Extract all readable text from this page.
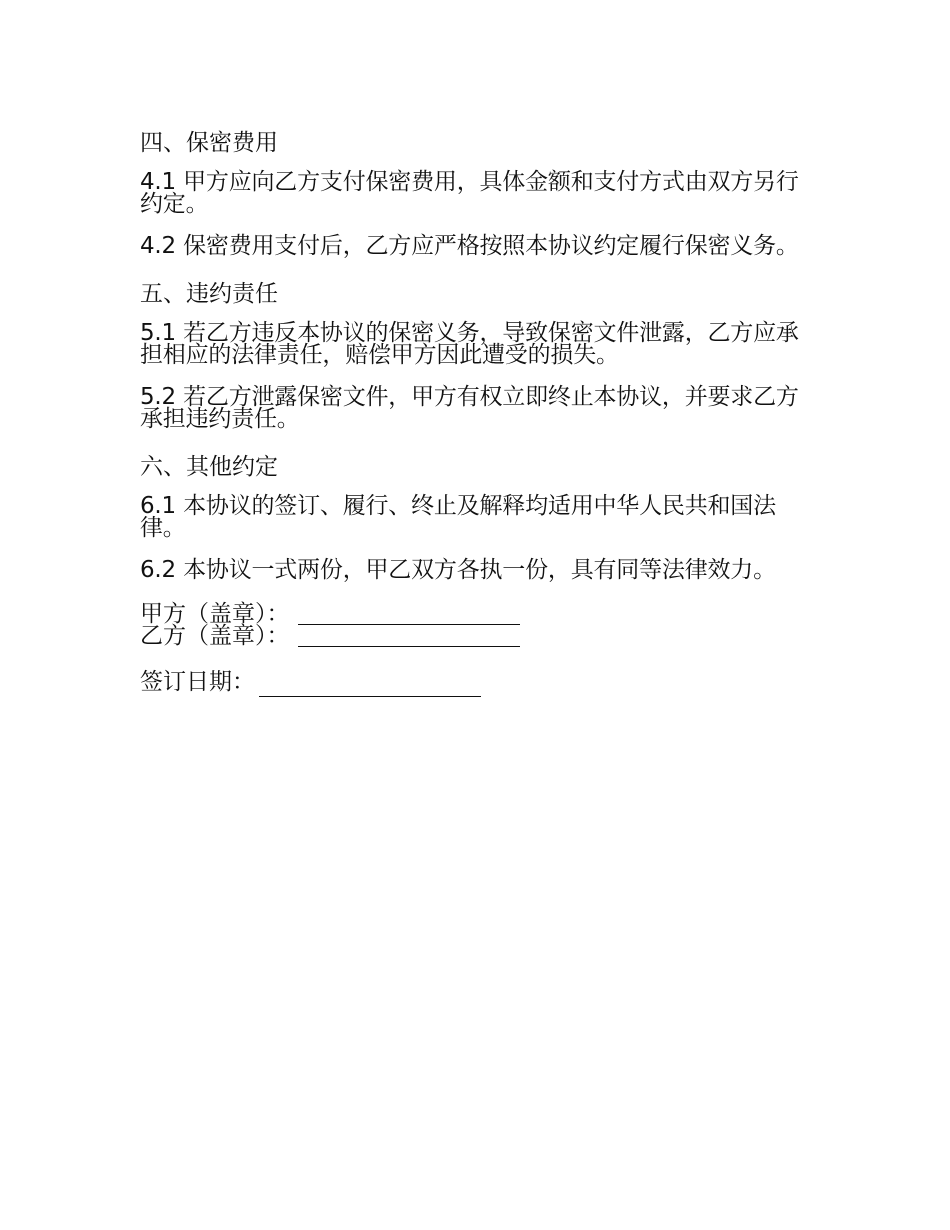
四、保密费用
4.1 甲方应向乙方支付保密费用，具体金额和支付方式由双方另行约定。
4.2 保密费用支付后，乙方应严格按照本协议约定履行保密义务。
五、违约责任
5.1 若乙方违反本协议的保密义务，导致保密文件泄露，乙方应承担相应的法律责任，赔偿甲方因此遭受的损失。
5.2 若乙方泄露保密文件，甲方有权立即终止本协议，并要求乙方承担违约责任。
六、其他约定
6.1 本协议的签订、履行、终止及解释均适用中华人民共和国法律。
6.2 本协议一式两份，甲乙双方各执一份，具有同等法律效力。
甲方（盖章）：
乙方（盖章）：
签订日期：
